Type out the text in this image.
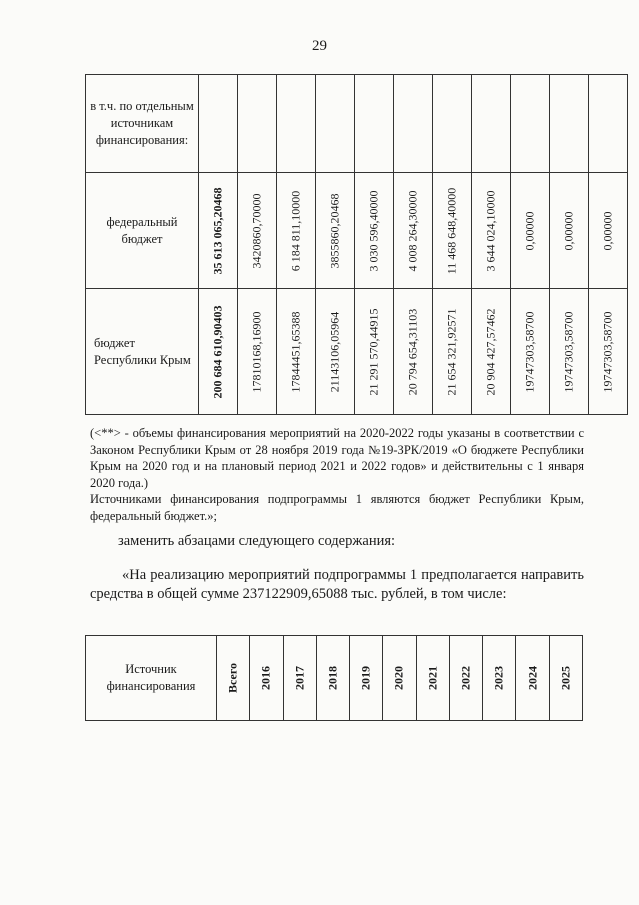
29
в т.ч. по отдельным источникам финансирования:	

федеральный бюджет	35 613 065,20468	3420860,70000	6 184 811,10000	3855860,20468	3 030 596,40000	4 008 264,30000	11 468 648,40000	3 644 024,10000	0,00000	0,00000	0,00000

бюджет Республики Крым	200 684 610,90403	17810168,16900	17844451,65388	21143106,05964	21 291 570,44915	20 794 654,31103	21 654 321,92571	20 904 427,57462	19747303,58700	19747303,58700	19747303,58700

(<**> - объемы финансирования мероприятий на 2020-2022 годы указаны в соответствии с Законом Республики Крым от 28 ноября 2019 года №19-ЗРК/2019 «О бюджете Республики Крым на 2020 год и на плановый период 2021 и 2022 годов» и действительны с 1 января 2020 года.)

Источниками финансирования подпрограммы 1 являются бюджет Республики Крым, федеральный бюджет.»;

заменить абзацами следующего содержания:
«На реализацию мероприятий подпрограммы 1 предполагается направить средства в общей сумме 237122909,65088 тыс. рублей, в том числе:
Источник финансирования	Всего	2016	2017	2018	2019	2020	2021	2022	2023	2024	2025
